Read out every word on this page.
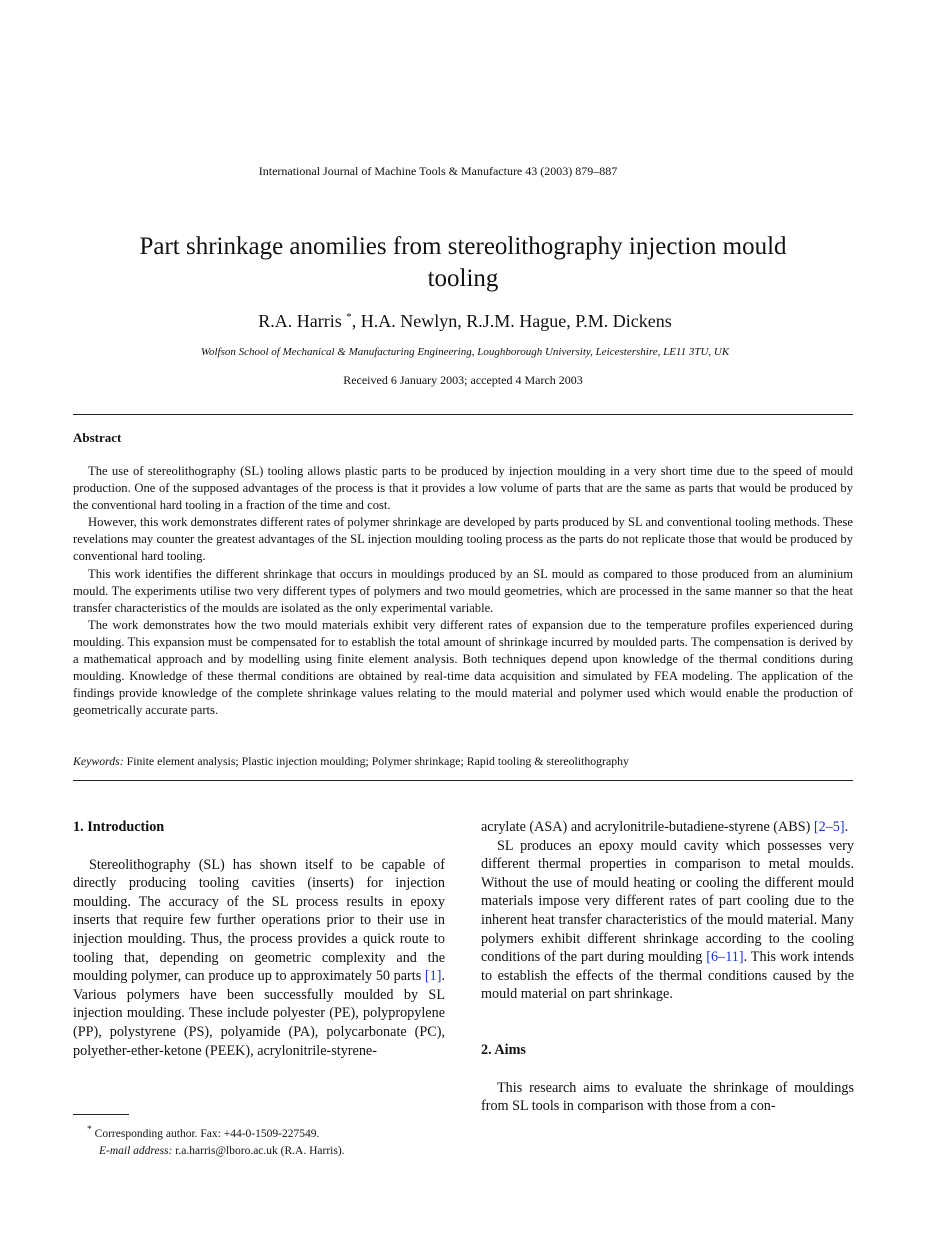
International Journal of Machine Tools & Manufacture 43 (2003) 879–887
Part shrinkage anomilies from stereolithography injection mould
tooling
R.A. Harris *, H.A. Newlyn, R.J.M. Hague, P.M. Dickens
Wolfson School of Mechanical & Manufacturing Engineering, Loughborough University, Leicestershire, LE11 3TU, UK
Received 6 January 2003; accepted 4 March 2003
Abstract

The use of stereolithography (SL) tooling allows plastic parts to be produced by injection moulding in a very short time due to the speed of mould production. One of the supposed advantages of the process is that it provides a low volume of parts that are the same as parts that would be produced by the conventional hard tooling in a fraction of the time and cost.

However, this work demonstrates different rates of polymer shrinkage are developed by parts produced by SL and conventional tooling methods. These revelations may counter the greatest advantages of the SL injection moulding tooling process as the parts do not replicate those that would be produced by conventional hard tooling.

This work identifies the different shrinkage that occurs in mouldings produced by an SL mould as compared to those produced from an aluminium mould. The experiments utilise two very different types of polymers and two mould geometries, which are processed in the same manner so that the heat transfer characteristics of the moulds are isolated as the only experimental variable.

The work demonstrates how the two mould materials exhibit very different rates of expansion due to the temperature profiles experienced during moulding. This expansion must be compensated for to establish the total amount of shrinkage incurred by moulded parts. The compensation is derived by a mathematical approach and by modelling using finite element analysis. Both techniques depend upon knowledge of the thermal conditions during moulding. Knowledge of these thermal conditions are obtained by real-time data acquisition and simulated by FEA modeling. The application of the findings provide knowledge of the complete shrinkage values relating to the mould material and polymer used which would enable the production of geometrically accurate parts.

Keywords: Finite element analysis; Plastic injection moulding; Polymer shrinkage; Rapid tooling & stereolithography

1. Introduction

Stereolithography (SL) has shown itself to be capable of directly producing tooling cavities (inserts) for injection moulding. The accuracy of the SL process results in epoxy inserts that require few further operations prior to their use in injection moulding. Thus, the process provides a quick route to tooling that, depending on geometric complexity and the moulding polymer, can produce up to approximately 50 parts [1]. Various polymers have been successfully moulded by SL injection moulding. These include polyester (PE), polypropylene (PP), polystyrene (PS), polyamide (PA), polycarbonate (PC), polyether-ether-ketone (PEEK), acrylonitrile-styrene-

acrylate (ASA) and acrylonitrile-butadiene-styrene (ABS) [2–5].

SL produces an epoxy mould cavity which possesses very different thermal properties in comparison to metal moulds. Without the use of mould heating or cooling the different mould materials impose very different rates of part cooling due to the inherent heat transfer characteristics of the mould material. Many polymers exhibit different shrinkage according to the cooling conditions of the part during moulding [6–11]. This work intends to establish the effects of the thermal conditions caused by the mould material on part shrinkage.

2. Aims

This research aims to evaluate the shrinkage of mouldings from SL tools in comparison with those from a con-

* Corresponding author. Fax: +44-0-1509-227549.
E-mail address: r.a.harris@lboro.ac.uk (R.A. Harris).
